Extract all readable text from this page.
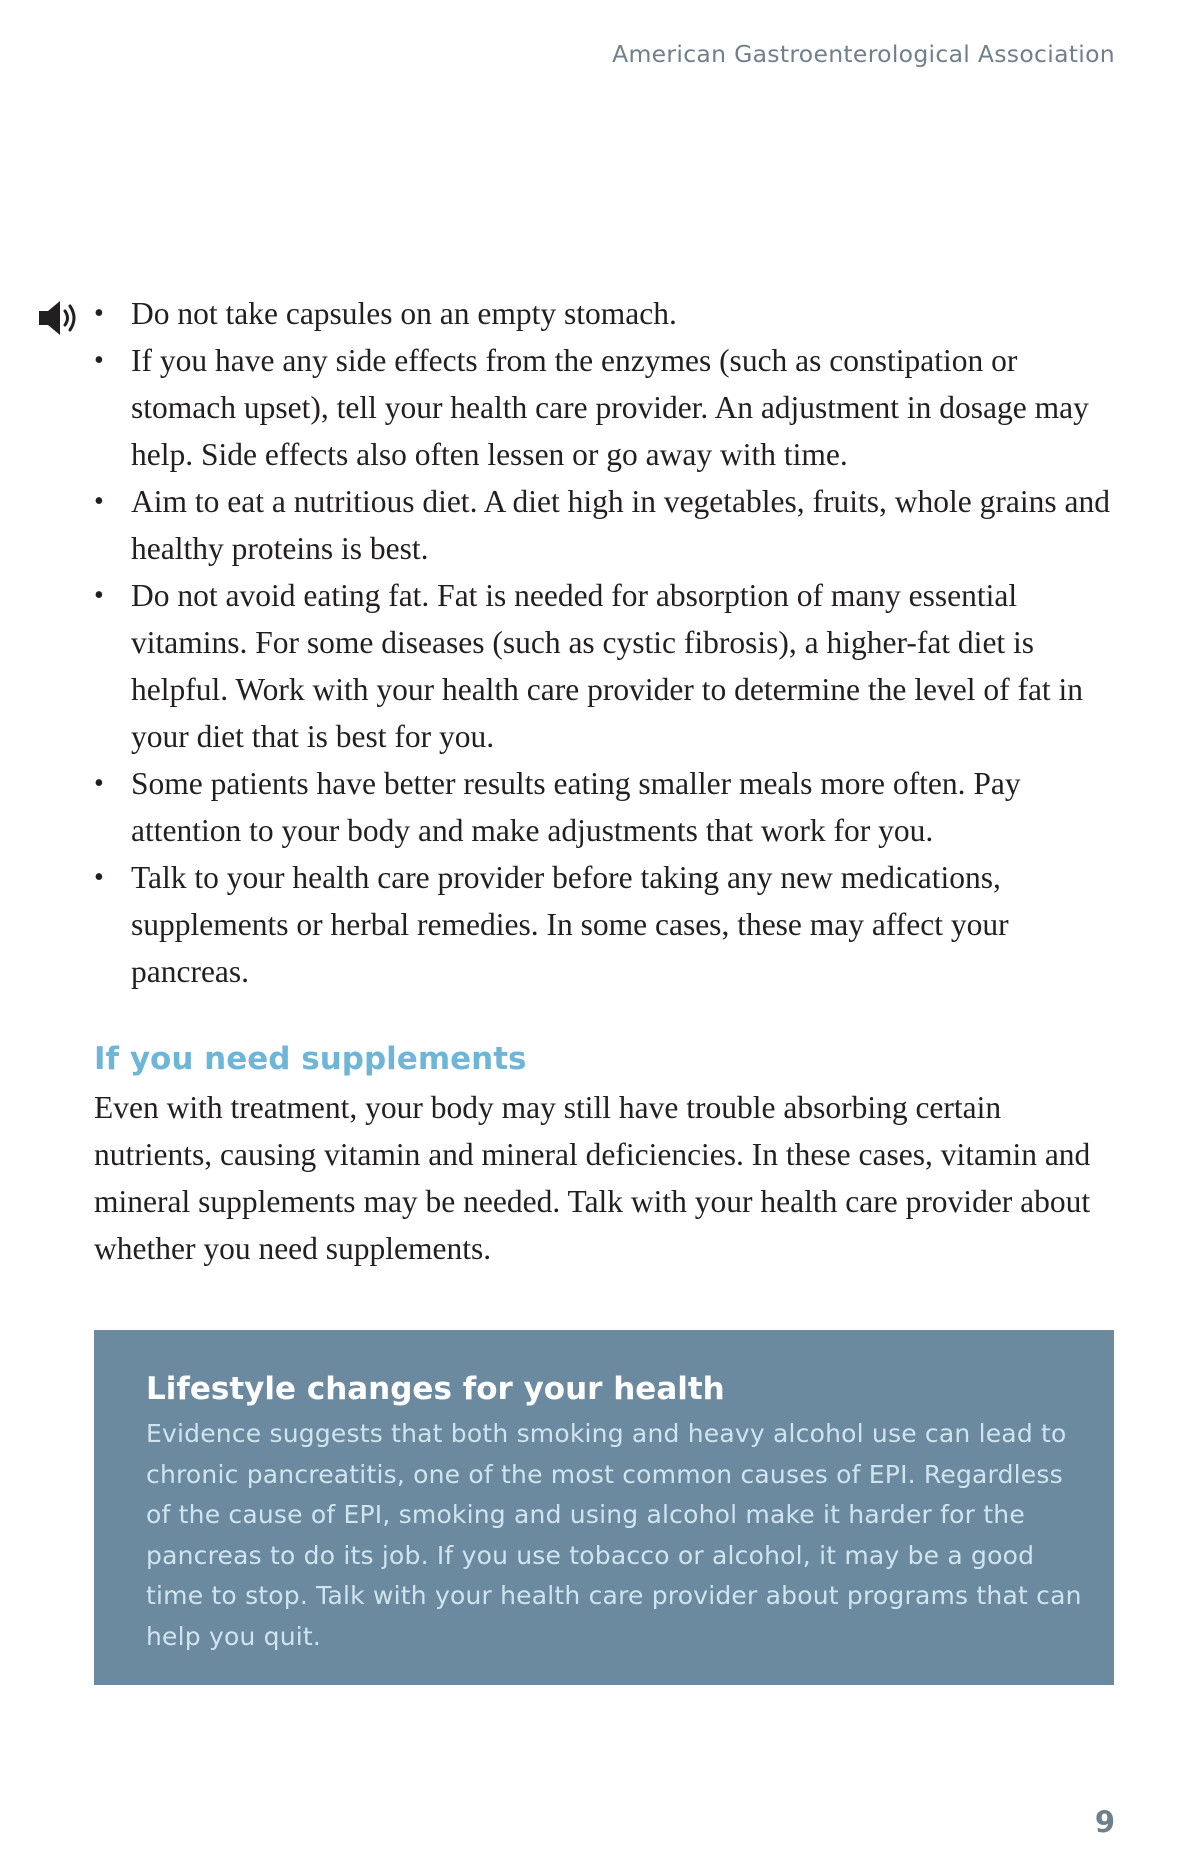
American Gastroenterological Association
• Do not take capsules on an empty stomach.
• If you have any side effects from the enzymes (such as constipation or stomach upset), tell your health care provider. An adjustment in dosage may help. Side effects also often lessen or go away with time.
• Aim to eat a nutritious diet. A diet high in vegetables, fruits, whole grains and healthy proteins is best.
• Do not avoid eating fat. Fat is needed for absorption of many essential vitamins. For some diseases (such as cystic fibrosis), a higher-fat diet is helpful. Work with your health care provider to determine the level of fat in your diet that is best for you.
• Some patients have better results eating smaller meals more often. Pay attention to your body and make adjustments that work for you.
• Talk to your health care provider before taking any new medications, supplements or herbal remedies. In some cases, these may affect your pancreas.
If you need supplements

Even with treatment, your body may still have trouble absorbing certain nutrients, causing vitamin and mineral deficiencies. In these cases, vitamin and mineral supplements may be needed. Talk with your health care provider about whether you need supplements.

Lifestyle changes for your health

Evidence suggests that both smoking and heavy alcohol use can lead to chronic pancreatitis, one of the most common causes of EPI. Regardless of the cause of EPI, smoking and using alcohol make it harder for the pancreas to do its job. If you use tobacco or alcohol, it may be a good time to stop. Talk with your health care provider about programs that can help you quit.

9
